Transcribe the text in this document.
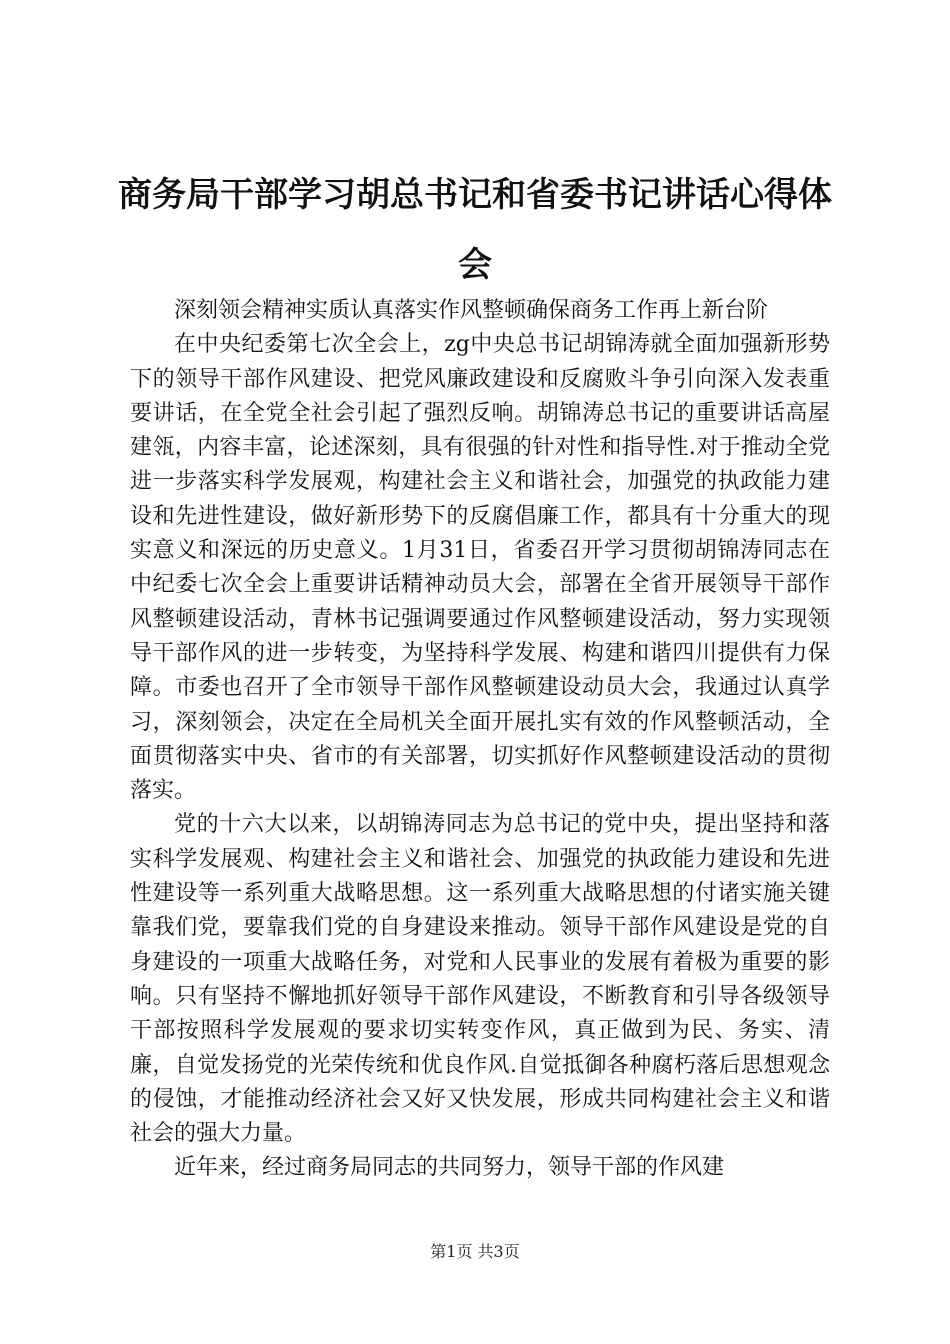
商务局干部学习胡总书记和省委书记讲话心得体会

深刻领会精神实质认真落实作风整顿确保商务工作再上新台阶

在中央纪委第七次全会上，zg中央总书记胡锦涛就全面加强新形势下的领导干部作风建设、把党风廉政建设和反腐败斗争引向深入发表重要讲话，在全党全社会引起了强烈反响。胡锦涛总书记的重要讲话高屋建瓴，内容丰富，论述深刻，具有很强的针对性和指导性.对于推动全党进一步落实科学发展观，构建社会主义和谐社会，加强党的执政能力建设和先进性建设，做好新形势下的反腐倡廉工作，都具有十分重大的现实意义和深远的历史意义。1月31日，省委召开学习贯彻胡锦涛同志在中纪委七次全会上重要讲话精神动员大会，部署在全省开展领导干部作风整顿建设活动，青林书记强调要通过作风整顿建设活动，努力实现领导干部作风的进一步转变，为坚持科学发展、构建和谐四川提供有力保障。市委也召开了全市领导干部作风整顿建设动员大会，我通过认真学习，深刻领会，决定在全局机关全面开展扎实有效的作风整顿活动，全面贯彻落实中央、省市的有关部署，切实抓好作风整顿建设活动的贯彻落实。

党的十六大以来，以胡锦涛同志为总书记的党中央，提出坚持和落实科学发展观、构建社会主义和谐社会、加强党的执政能力建设和先进性建设等一系列重大战略思想。这一系列重大战略思想的付诸实施关键靠我们党，要靠我们党的自身建设来推动。领导干部作风建设是党的自身建设的一项重大战略任务，对党和人民事业的发展有着极为重要的影响。只有坚持不懈地抓好领导干部作风建设，不断教育和引导各级领导干部按照科学发展观的要求切实转变作风，真正做到为民、务实、清廉，自觉发扬党的光荣传统和优良作风.自觉抵御各种腐朽落后思想观念的侵蚀，才能推动经济社会又好又快发展，形成共同构建社会主义和谐社会的强大力量。

近年来，经过商务局同志的共同努力，领导干部的作风建

第1页 共3页
